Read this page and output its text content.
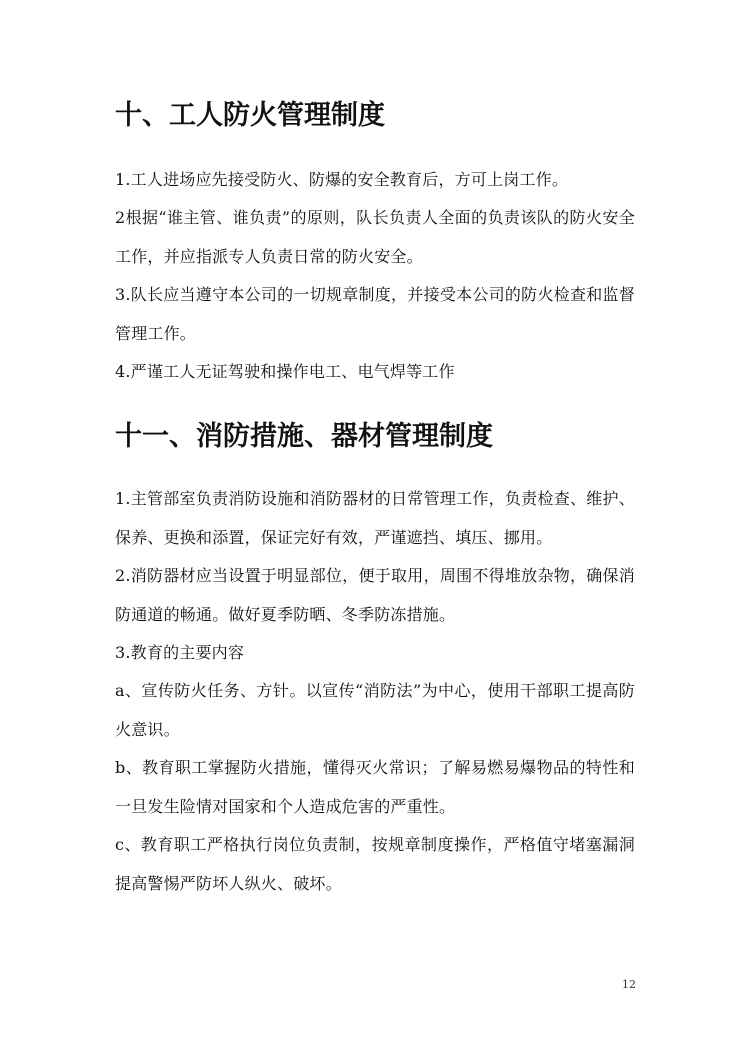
十、工人防火管理制度

1.工人进场应先接受防火、防爆的安全教育后，方可上岗工作。

2根据“谁主管、谁负责”的原则，队长负责人全面的负责该队的防火安全工作，并应指派专人负责日常的防火安全。

3.队长应当遵守本公司的一切规章制度，并接受本公司的防火检查和监督管理工作。

4.严谨工人无证驾驶和操作电工、电气焊等工作

十一、消防措施、器材管理制度

1.主管部室负责消防设施和消防器材的日常管理工作，负责检查、维护、保养、更换和添置，保证完好有效，严谨遮挡、填压、挪用。

2.消防器材应当设置于明显部位，便于取用，周围不得堆放杂物，确保消防通道的畅通。做好夏季防晒、冬季防冻措施。

3.教育的主要内容

a、宣传防火任务、方针。以宣传“消防法”为中心，使用干部职工提高防火意识。

b、教育职工掌握防火措施，懂得灭火常识；了解易燃易爆物品的特性和一旦发生险情对国家和个人造成危害的严重性。

c、教育职工严格执行岗位负责制，按规章制度操作，严格值守堵塞漏洞提高警惕严防坏人纵火、破坏。

12
